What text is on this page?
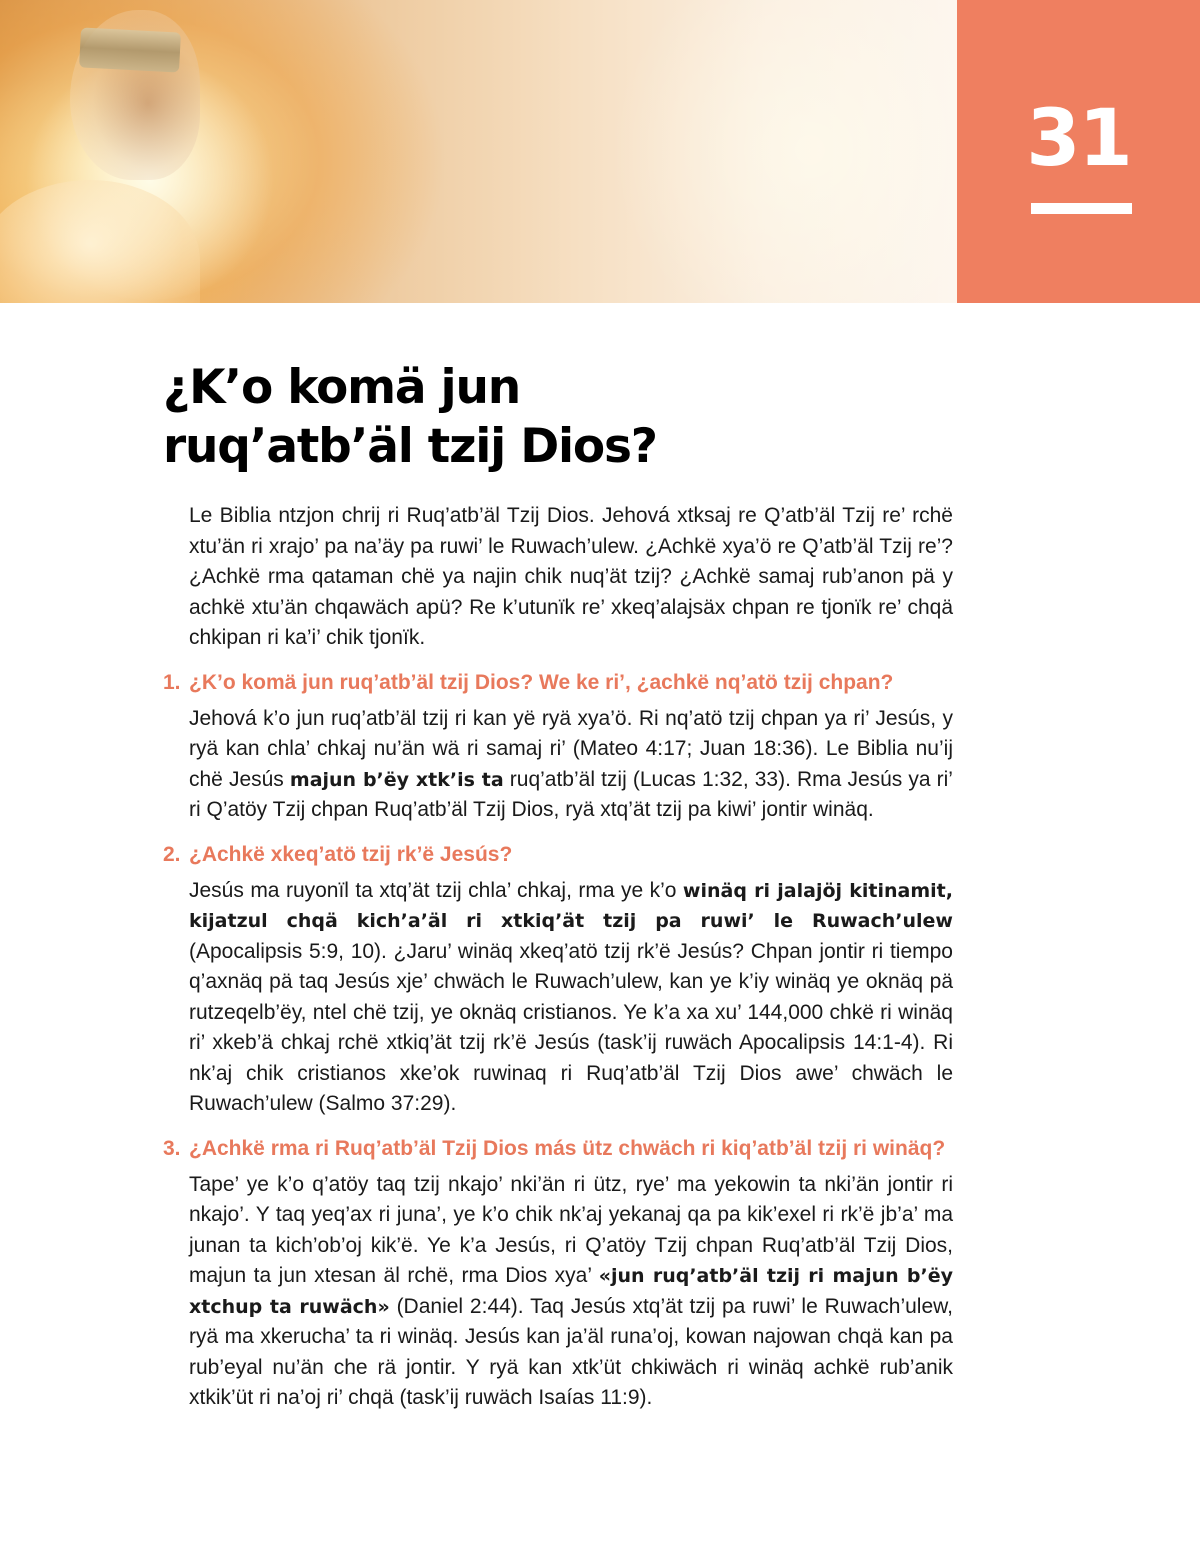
31
¿K’o komä jun
ruq’atb’äl tzij Dios?

Le Biblia ntzjon chrij ri Ruq’atb’äl Tzij Dios. Jehová xtksaj re Q’atb’äl Tzij re’ rchë xtu’än ri xrajo’ pa na’äy pa ruwi’ le Ruwach’ulew. ¿Achkë xya’ö re Q’atb’äl Tzij re’? ¿Achkë rma qataman chë ya najin chik nuq’ät tzij? ¿Achkë samaj rub’anon pä y achkë xtu’än chqawäch apü? Re k’utunïk re’ xkeq’alajsäx chpan re tjonïk re’ chqä chkipan ri ka’i’ chik tjonïk.

1. ¿K’o komä jun ruq’atb’äl tzij Dios? We ke ri’, ¿achkë nq’atö tzij chpan?

Jehová k’o jun ruq’atb’äl tzij ri kan yë ryä xya’ö. Ri nq’atö tzij chpan ya ri’ Jesús, y ryä kan chla’ chkaj nu’än wä ri samaj ri’ (Mateo 4:17; Juan 18:36). Le Biblia nu’ij chë Jesús majun b’ëy xtk’is ta ruq’atb’äl tzij (Lucas 1:32, 33). Rma Jesús ya ri’ ri Q’atöy Tzij chpan Ruq’atb’äl Tzij Dios, ryä xtq’ät tzij pa kiwi’ jontir winäq.

2. ¿Achkë xkeq’atö tzij rk’ë Jesús?

Jesús ma ruyonïl ta xtq’ät tzij chla’ chkaj, rma ye k’o winäq ri jalajöj kitinamit, kijatzul chqä kich’a’äl ri xtkiq’ät tzij pa ruwi’ le Ruwach’ulew (Apocalipsis 5:9, 10). ¿Jaru’ winäq xkeq’atö tzij rk’ë Jesús? Chpan jontir ri tiempo q’axnäq pä taq Jesús xje’ chwäch le Ruwach’ulew, kan ye k’iy winäq ye oknäq pä rutzeqelb’ëy, ntel chë tzij, ye oknäq cristianos. Ye k’a xa xu’ 144,000 chkë ri winäq ri’ xkeb’ä chkaj rchë xtkiq’ät tzij rk’ë Jesús (task’ij ruwäch Apocalipsis 14:1-4). Ri nk’aj chik cristianos xke’ok ruwinaq ri Ruq’atb’äl Tzij Dios awe’ chwäch le Ruwach’ulew (Salmo 37:29).

3. ¿Achkë rma ri Ruq’atb’äl Tzij Dios más ütz chwäch ri kiq’atb’äl tzij ri winäq?

Tape’ ye k’o q’atöy taq tzij nkajo’ nki’än ri ütz, rye’ ma yekowin ta nki’än jontir ri nkajo’. Y taq yeq’ax ri juna’, ye k’o chik nk’aj yekanaj qa pa kik’exel ri rk’ë jb’a’ ma junan ta kich’ob’oj kik’ë. Ye k’a Jesús, ri Q’atöy Tzij chpan Ruq’atb’äl Tzij Dios, majun ta jun xtesan äl rchë, rma Dios xya’ «jun ruq’atb’äl tzij ri majun b’ëy xtchup ta ruwäch» (Daniel 2:44). Taq Jesús xtq’ät tzij pa ruwi’ le Ruwach’ulew, ryä ma xkerucha’ ta ri winäq. Jesús kan ja’äl runa’oj, kowan najowan chqä kan pa rub’eyal nu’än che rä jontir. Y ryä kan xtk’üt chkiwäch ri winäq achkë rub’anik xtkik’üt ri na’oj ri’ chqä (task’ij ruwäch Isaías 11:9).
